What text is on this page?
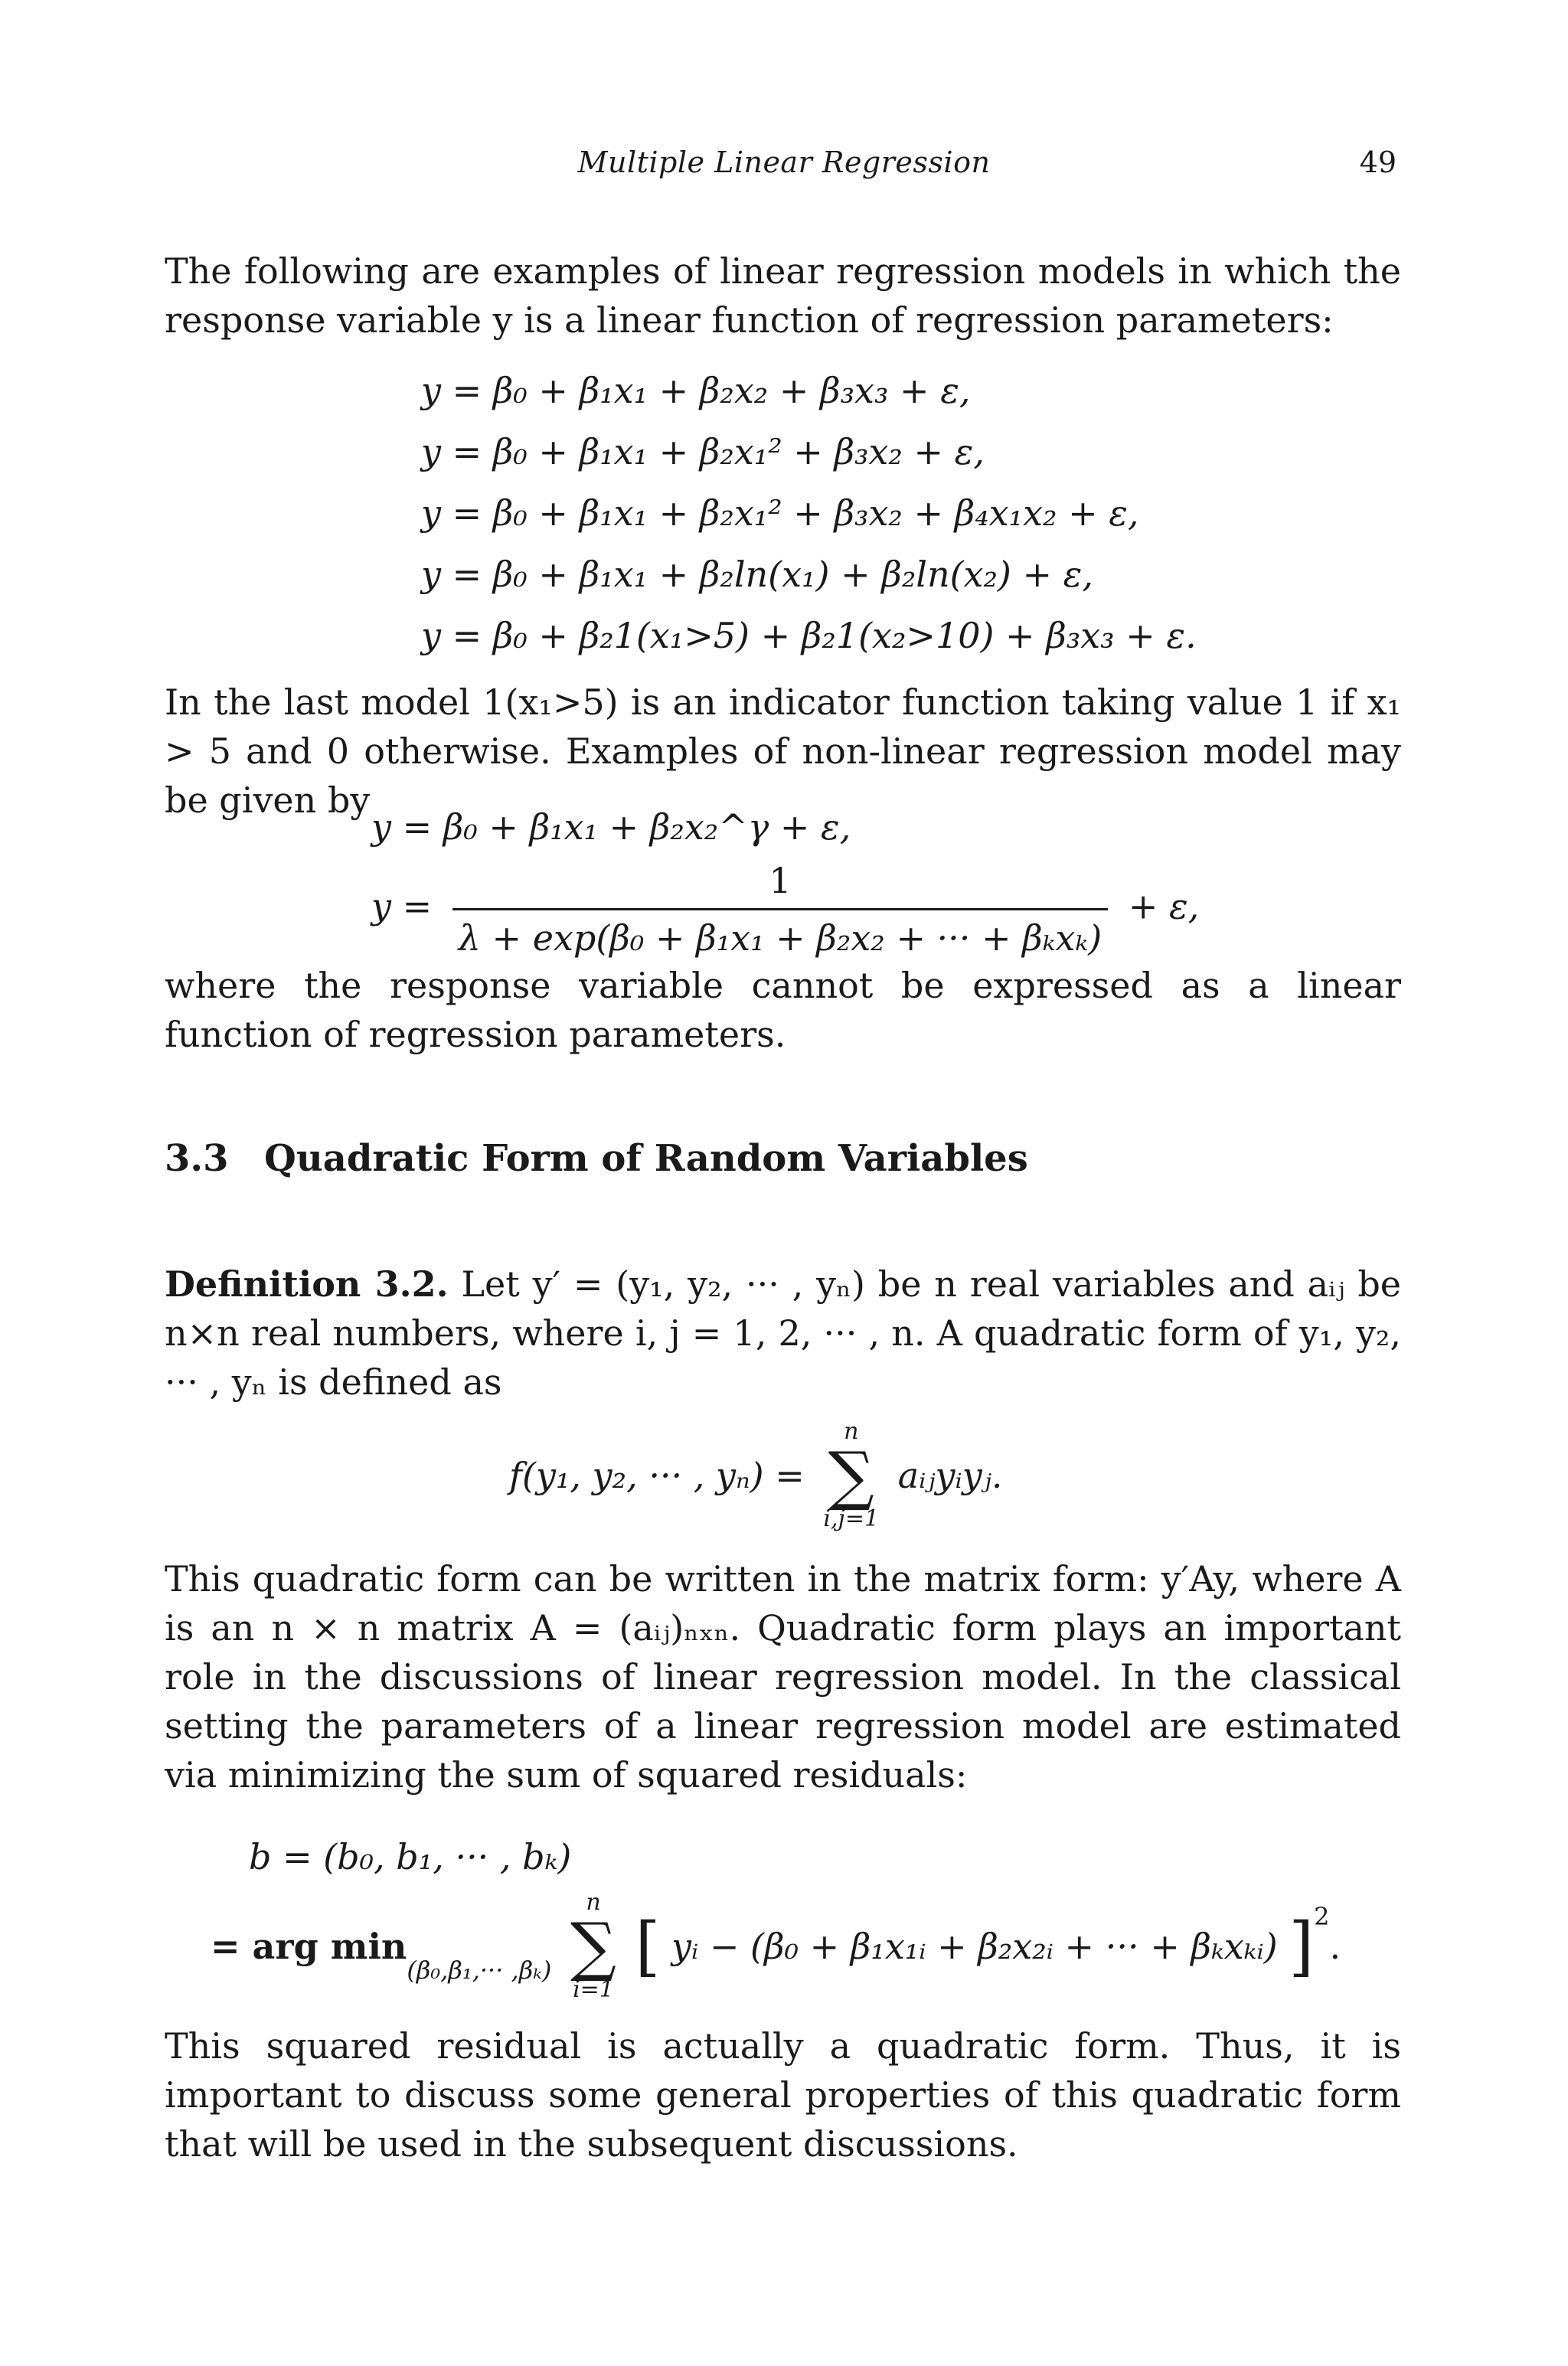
Multiple Linear Regression	49

The following are examples of linear regression models in which the response variable y is a linear function of regression parameters:

y = β₀ + β₁x₁ + β₂x₂ + β₃x₃ + ε,
y = β₀ + β₁x₁ + β₂x₁² + β₃x₂ + ε,
y = β₀ + β₁x₁ + β₂x₁² + β₃x₂ + β₄x₁x₂ + ε,
y = β₀ + β₁x₁ + β₂ln(x₁) + β₂ln(x₂) + ε,
y = β₀ + β₂1(x₁>5) + β₂1(x₂>10) + β₃x₃ + ε.

In the last model 1(x₁>5) is an indicator function taking value 1 if x₁ > 5 and 0 otherwise. Examples of non-linear regression model may be given by

y = β₀ + β₁x₁ + β₂x₂^γ + ε,
$y = \frac{1}{\text{λ + exp(β₀ + β₁x₁ + β₂x₂ + ··· + βₖxₖ)}} + \varepsilon$,

where the response variable cannot be expressed as a linear function of regression parameters.

3.3 Quadratic Form of Random Variables

Definition 3.2. Let y′ = (y₁, y₂, ··· , yₙ) be n real variables and aᵢⱼ be n×n real numbers, where i, j = 1, 2, ··· , n. A quadratic form of y₁, y₂, ··· , yₙ is defined as

f(y₁, y₂, ··· , yₙ) =
n
∑
i,j=1
aᵢⱼyᵢyⱼ.

This quadratic form can be written in the matrix form: y′Ay, where A is an n × n matrix A = (aᵢⱼ)ₙₓₙ. Quadratic form plays an important role in the discussions of linear regression model. In the classical setting the parameters of a linear regression model are estimated via minimizing the sum of squared residuals:

b = (b₀, b₁, ··· , bₖ)
= arg $\min_{(\beta_0,\beta_1,\cdot\cdot\cdot ,\beta_k)}$
n
∑
i=1
[ yᵢ − (β₀ + β₁x₁ᵢ + β₂x₂ᵢ + ··· + βₖxₖᵢ) ]$^2$.

This squared residual is actually a quadratic form. Thus, it is important to discuss some general properties of this quadratic form that will be used in the subsequent discussions.
